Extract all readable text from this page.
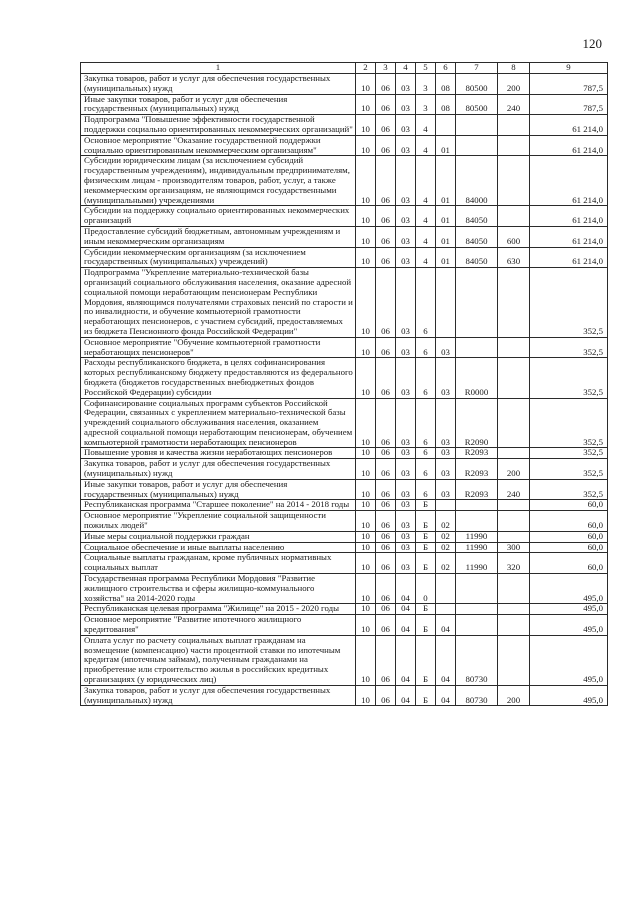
120
1	2	3	4	5	6	7	8	9
Закупка товаров, работ и услуг для обеспечения государственных (муниципальных) нужд	10	06	03	3	08	80500	200	787,5
Иные закупки товаров, работ и услуг для обеспечения государственных (муниципальных) нужд	10	06	03	3	08	80500	240	787,5
Подпрограмма "Повышение эффективности государственной поддержки социально ориентированных некоммерческих организаций"	10	06	03	4				61 214,0
Основное мероприятие "Оказание государственной поддержки социально ориентированным некоммерческим организациям"	10	06	03	4	01			61 214,0
Субсидии юридическим лицам (за исключением субсидий государственным учреждениям), индивидуальным предпринимателям, физическим лицам - производителям товаров, работ, услуг, а также некоммерческим организациям, не являющимся государственными (муниципальными) учреждениями	10	06	03	4	01	84000		61 214,0
Субсидии на поддержку социально ориентированных некоммерческих организаций	10	06	03	4	01	84050		61 214,0
Предоставление субсидий бюджетным, автономным учреждениям и иным некоммерческим организациям	10	06	03	4	01	84050	600	61 214,0
Субсидии некоммерческим организациям (за исключением государственных (муниципальных) учреждений)	10	06	03	4	01	84050	630	61 214,0
Подпрограмма "Укрепление материально-технической базы организаций социального обслуживания населения, оказание адресной социальной помощи неработающим пенсионерам Республики Мордовия, являющимся получателями страховых пенсий по старости и по инвалидности, и обучение компьютерной грамотности неработающих пенсионеров, с участием субсидий, предоставляемых из бюджета Пенсионного фонда Российской Федерации"	10	06	03	6				352,5
Основное мероприятие "Обучение компьютерной грамотности неработающих пенсионеров"	10	06	03	6	03			352,5
Расходы республиканского бюджета, в целях софинансирования которых республиканскому бюджету предоставляются из федерального бюджета (бюджетов государственных внебюджетных фондов Российской Федерации) субсидии	10	06	03	6	03	R0000		352,5
Софинансирование социальных программ субъектов Российской Федерации, связанных с укреплением материально-технической базы учреждений социального обслуживания населения, оказанием адресной социальной помощи неработающим пенсионерам, обучением компьютерной грамотности неработающих пенсионеров	10	06	03	6	03	R2090		352,5
Повышение уровня и качества жизни неработающих пенсионеров	10	06	03	6	03	R2093		352,5
Закупка товаров, работ и услуг для обеспечения государственных (муниципальных) нужд	10	06	03	6	03	R2093	200	352,5
Иные закупки товаров, работ и услуг для обеспечения государственных (муниципальных) нужд	10	06	03	6	03	R2093	240	352,5
Республиканская программа "Старшее поколение" на 2014 - 2018 годы	10	06	03	Б				60,0
Основное мероприятие "Укрепление социальной защищенности пожилых людей"	10	06	03	Б	02			60,0
Иные меры социальной поддержки граждан	10	06	03	Б	02	11990		60,0
Социальное обеспечение и иные выплаты населению	10	06	03	Б	02	11990	300	60,0
Социальные выплаты гражданам, кроме публичных нормативных социальных выплат	10	06	03	Б	02	11990	320	60,0
Государственная программа Республики Мордовия "Развитие жилищного строительства и сферы жилищно-коммунального хозяйства" на 2014-2020 годы	10	06	04	0				495,0
Республиканская целевая программа "Жилище" на 2015 - 2020 годы	10	06	04	Б				495,0
Основное мероприятие "Развитие ипотечного жилищного кредитования"	10	06	04	Б	04			495,0
Оплата услуг по расчету социальных выплат гражданам на возмещение (компенсацию) части процентной ставки по ипотечным кредитам (ипотечным займам), полученным гражданами на приобретение или строительство жилья в российских кредитных организациях (у юридических лиц)	10	06	04	Б	04	80730		495,0
Закупка товаров, работ и услуг для обеспечения государственных (муниципальных) нужд	10	06	04	Б	04	80730	200	495,0
